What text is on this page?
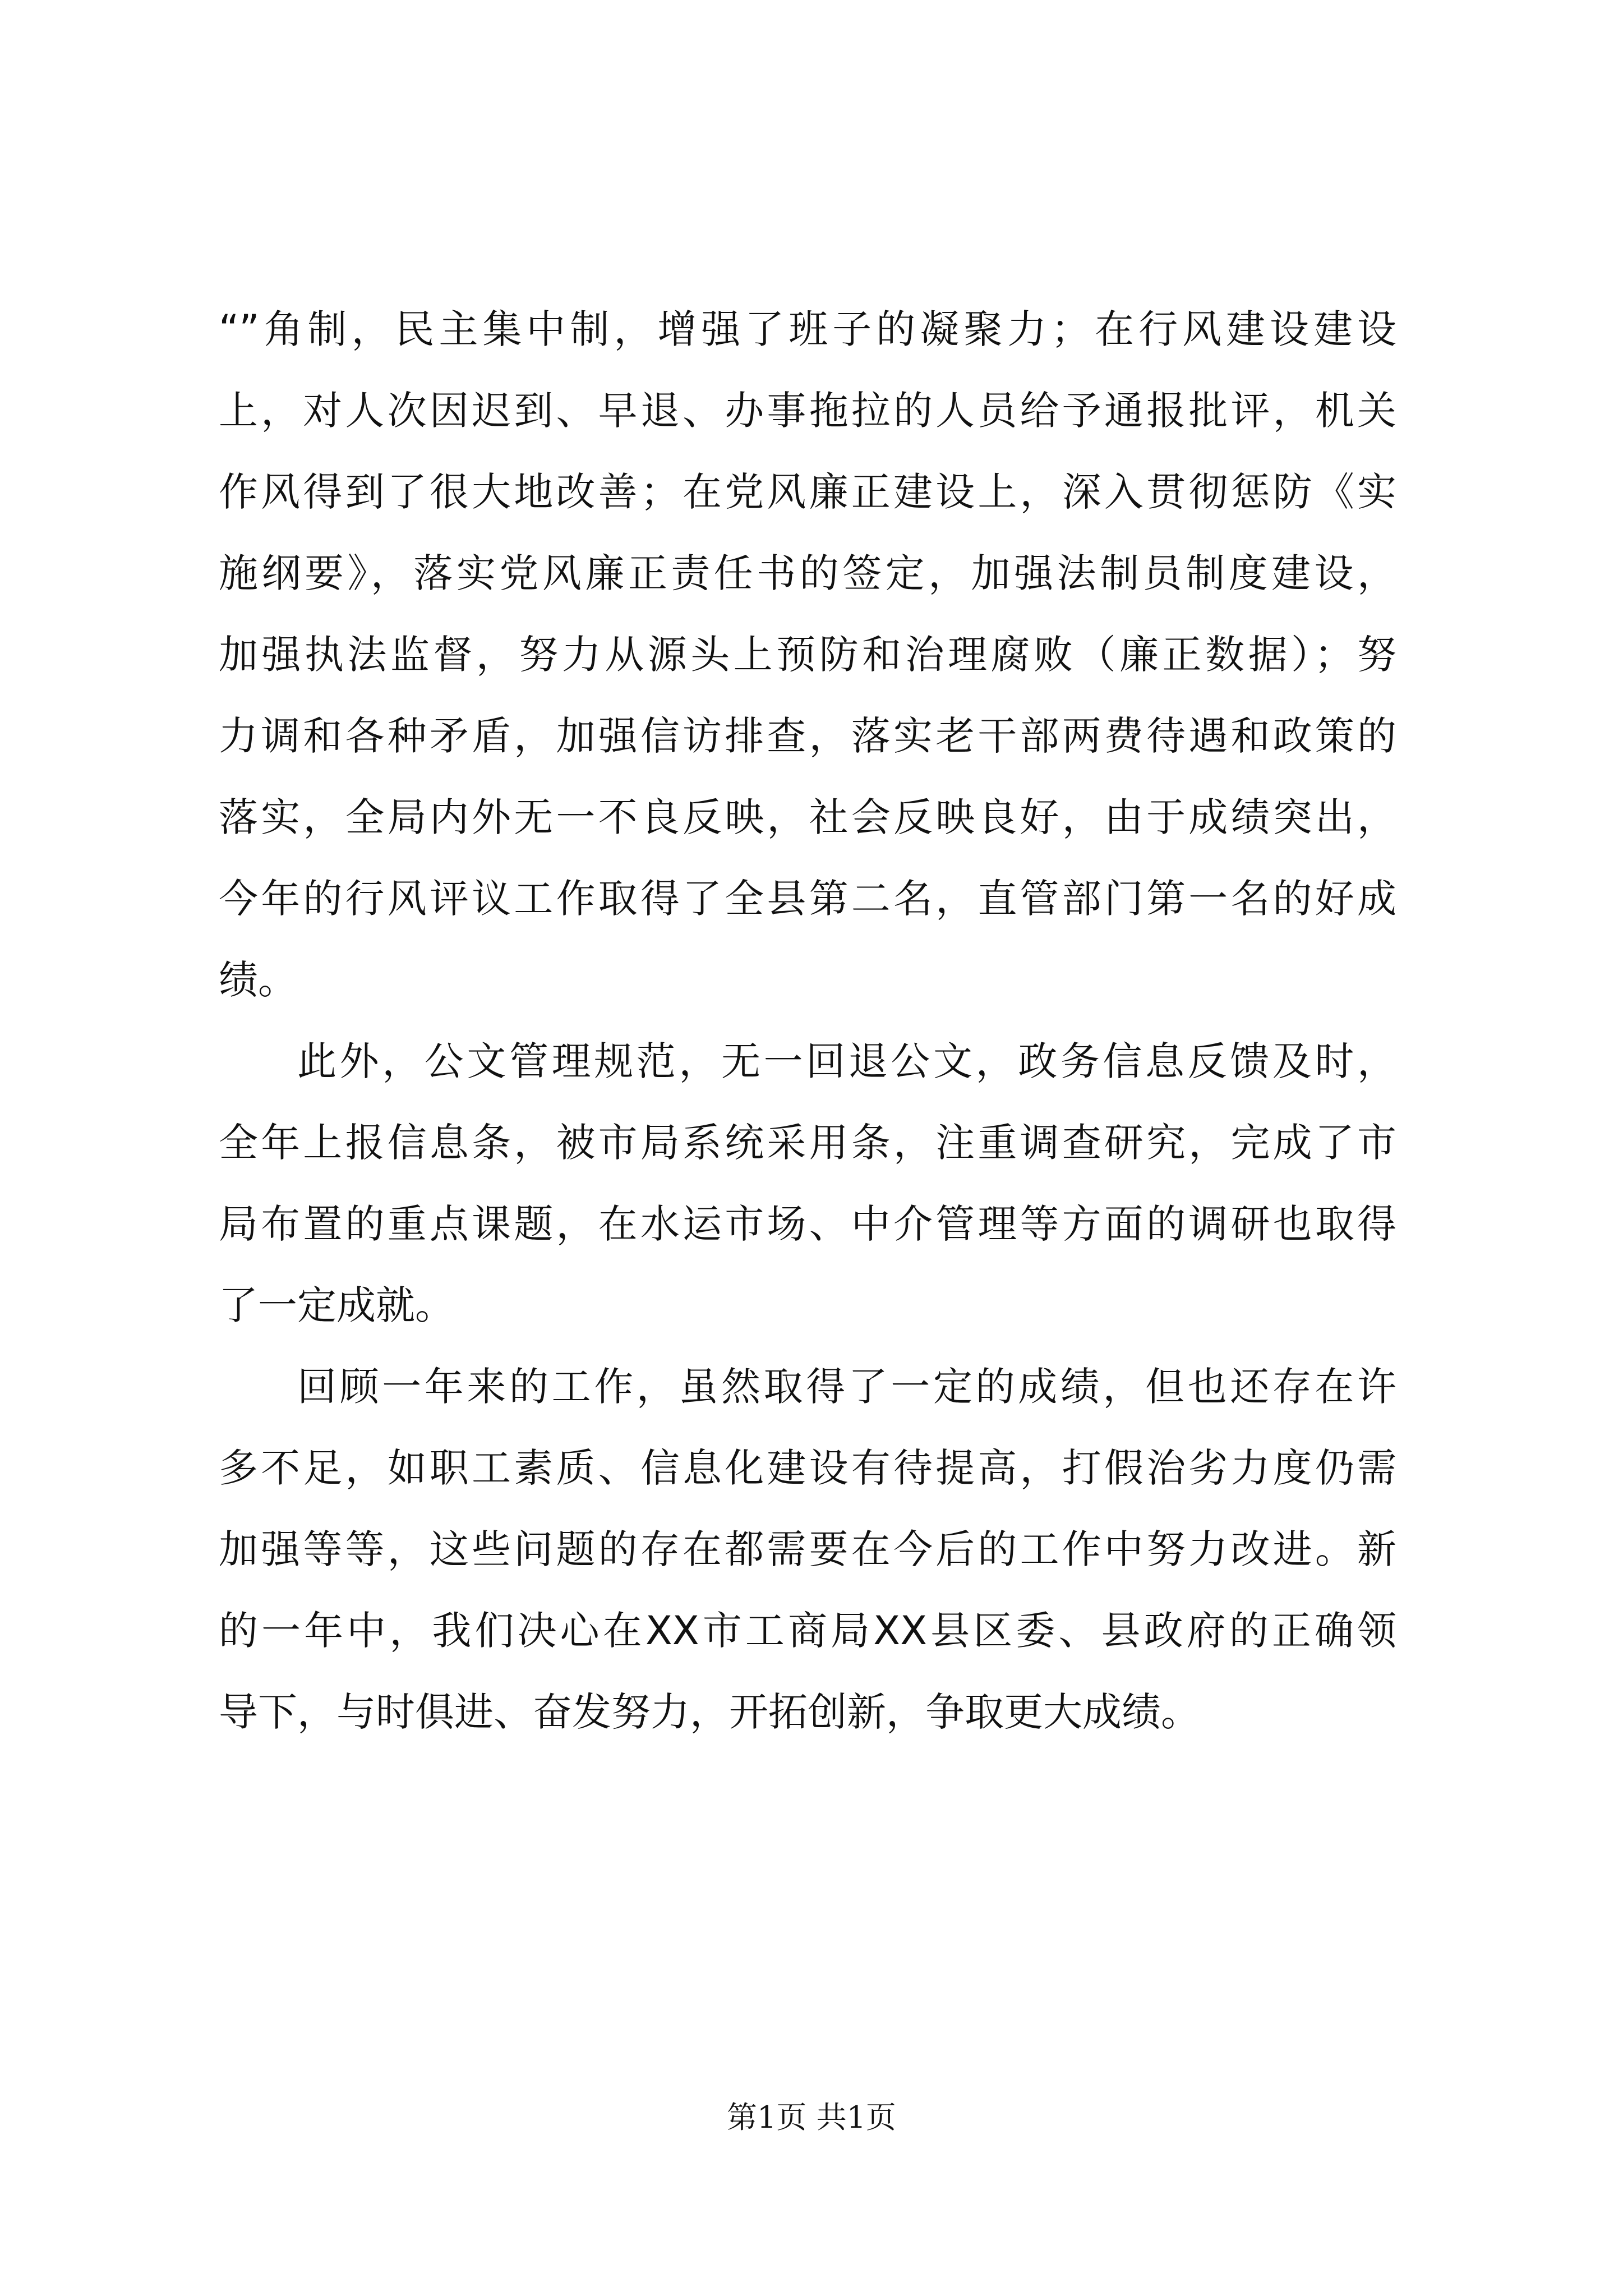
“”角制，民主集中制，增强了班子的凝聚力；在行风建设建设
上，对人次因迟到、早退、办事拖拉的人员给予通报批评，机关
作风得到了很大地改善；在党风廉正建设上，深入贯彻惩防《实
施纲要》，落实党风廉正责任书的签定，加强法制员制度建设，
加强执法监督，努力从源头上预防和治理腐败（廉正数据）；努
力调和各种矛盾，加强信访排查，落实老干部两费待遇和政策的
落实，全局内外无一不良反映，社会反映良好，由于成绩突出，
今年的行风评议工作取得了全县第二名，直管部门第一名的好成
绩。
此外，公文管理规范，无一回退公文，政务信息反馈及时，
全年上报信息条，被市局系统采用条，注重调查研究，完成了市
局布置的重点课题，在水运市场、中介管理等方面的调研也取得
了一定成就。
回顾一年来的工作，虽然取得了一定的成绩，但也还存在许
多不足，如职工素质、信息化建设有待提高，打假治劣力度仍需
加强等等，这些问题的存在都需要在今后的工作中努力改进。新
的一年中，我们决心在XX市工商局XX县区委、县政府的正确领
导下，与时俱进、奋发努力，开拓创新，争取更大成绩。
第1页 共1页
